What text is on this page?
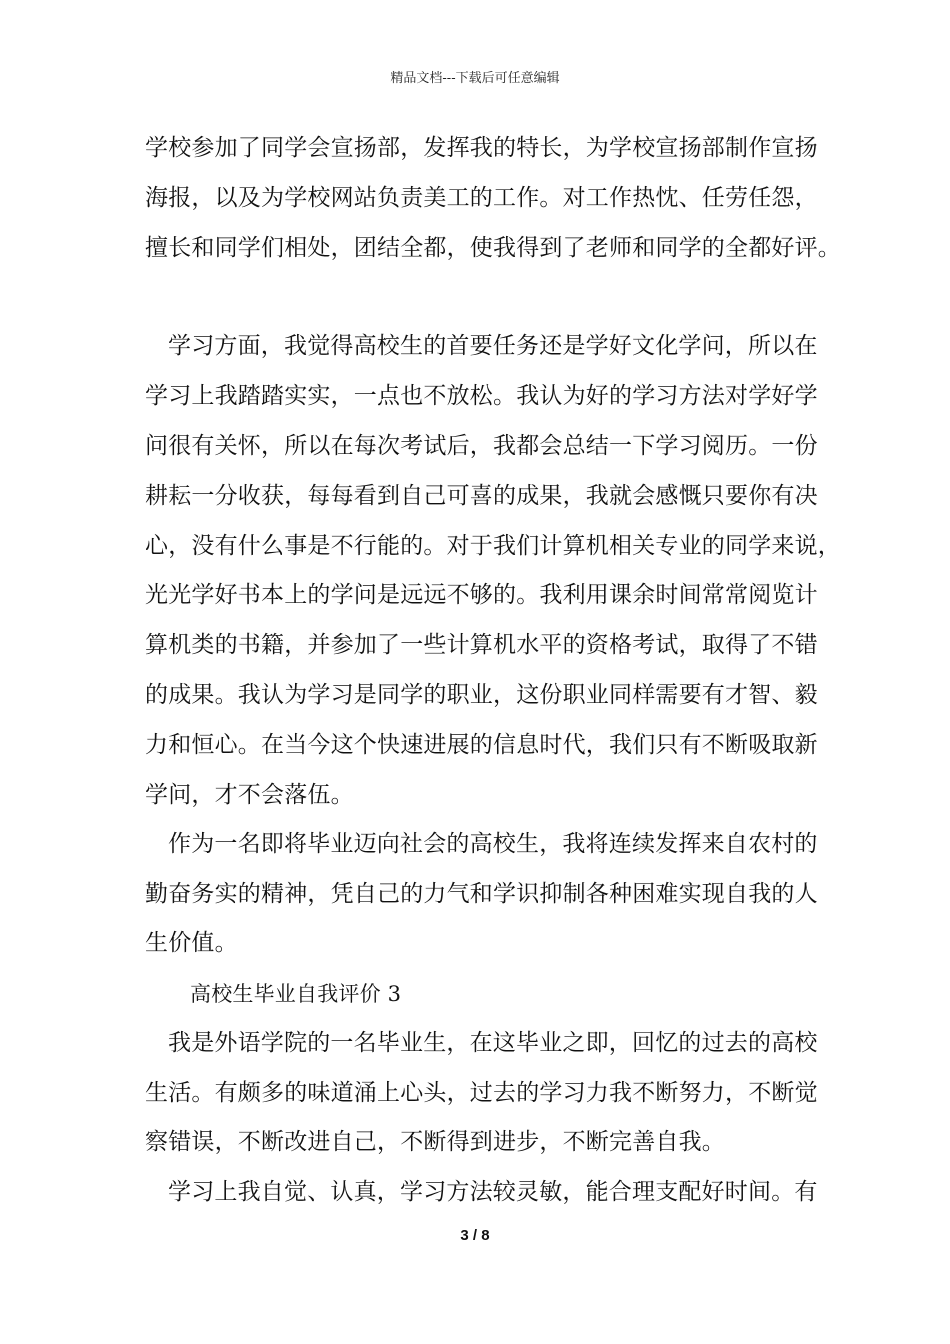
精品文档---下载后可任意编辑
学校参加了同学会宣扬部，发挥我的特长，为学校宣扬部制作宣扬
海报，以及为学校网站负责美工的工作。对工作热忱、任劳任怨，
擅长和同学们相处，团结全都，使我得到了老师和同学的全都好评。
学习方面，我觉得高校生的首要任务还是学好文化学问，所以在
学习上我踏踏实实，一点也不放松。我认为好的学习方法对学好学
问很有关怀，所以在每次考试后，我都会总结一下学习阅历。一份
耕耘一分收获，每每看到自己可喜的成果，我就会感慨只要你有决
心，没有什么事是不行能的。对于我们计算机相关专业的同学来说，
光光学好书本上的学问是远远不够的。我利用课余时间常常阅览计
算机类的书籍，并参加了一些计算机水平的资格考试，取得了不错
的成果。我认为学习是同学的职业，这份职业同样需要有才智、毅
力和恒心。在当今这个快速进展的信息时代，我们只有不断吸取新
学问，才不会落伍。
作为一名即将毕业迈向社会的高校生，我将连续发挥来自农村的
勤奋务实的精神，凭自己的力气和学识抑制各种困难实现自我的人
生价值。
高校生毕业自我评价 3
我是外语学院的一名毕业生，在这毕业之即，回忆的过去的高校
生活。有颇多的味道涌上心头，过去的学习力我不断努力，不断觉
察错误，不断改进自己，不断得到进步，不断完善自我。
学习上我自觉、认真，学习方法较灵敏，能合理支配好时间。有
3 / 8
